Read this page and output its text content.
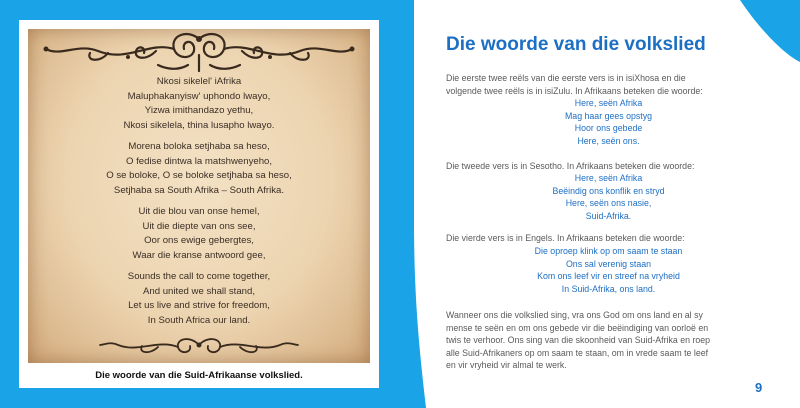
Nkosi sikelel' iAfrika
Maluphakanyisw' uphondo lwayo,
Yizwa imithandazo yethu,
Nkosi sikelela, thina lusapho lwayo.

Morena boloka setjhaba sa heso,
O fedise dintwa la matshwenyeho,
O se boloke, O se boloke setjhaba sa heso,
Setjhaba sa South Afrika – South Afrika.

Uit die blou van onse hemel,
Uit die diepte van ons see,
Oor ons ewige gebergtes,
Waar die kranse antwoord gee,

Sounds the call to come together,
And united we shall stand,
Let us live and strive for freedom,
In South Africa our land.

Die woorde van die Suid-Afrikaanse volkslied.
Die woorde van die volkslied

Die eerste twee reëls van die eerste vers is in isiXhosa en die
volgende twee reëls is in isiZulu. In Afrikaans beteken die woorde:

Here, seën Afrika
Mag haar gees opstyg
Hoor ons gebede
Here, seën ons.

Die tweede vers is in Sesotho. In Afrikaans beteken die woorde:

Here, seën Afrika
Beëindig ons konflik en stryd
Here, seën ons nasie,
Suid-Afrika.

Die vierde vers is in Engels. In Afrikaans beteken die woorde:

Die oproep klink op om saam te staan
Ons sal verenig staan
Kom ons leef vir en streef na vryheid
In Suid-Afrika, ons land.

Wanneer ons die volkslied sing, vra ons God om ons land en al sy
mense te seën en om ons gebede vir die beëindiging van oorloë en
twis te verhoor. Ons sing van die skoonheid van Suid-Afrika en roep
alle Suid-Afrikaners op om saam te staan, om in vrede saam te leef
en vir vryheid vir almal te werk.

9
